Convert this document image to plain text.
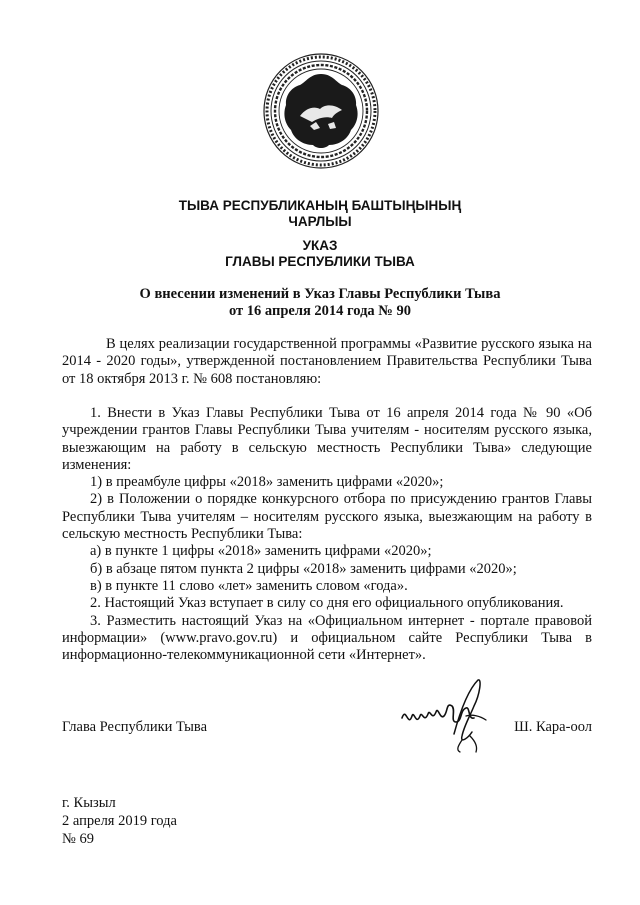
ТЫВА РЕСПУБЛИКАНЫҢ БАШТЫҢЫНЫҢ
ЧАРЛЫЫ
УКАЗ
ГЛАВЫ РЕСПУБЛИКИ ТЫВА
О внесении изменений в Указ Главы Республики Тыва
от 16 апреля 2014 года № 90

В целях реализации государственной программы «Развитие русского языка на 2014 - 2020 годы», утвержденной постановлением Правительства Республики Тыва от 18 октября 2013 г. № 608 постановляю:

1. Внести в Указ Главы Республики Тыва от 16 апреля 2014 года № 90 «Об учреждении грантов Главы Республики Тыва учителям - носителям русского языка, выезжающим на работу в сельскую местность Республики Тыва» следующие изменения:

1) в преамбуле цифры «2018» заменить цифрами «2020»;

2) в Положении о порядке конкурсного отбора по присуждению грантов Главы Республики Тыва учителям – носителям русского языка, выезжающим на работу в сельскую местность Республики Тыва:

а) в пункте 1 цифры «2018» заменить цифрами «2020»;

б) в абзаце пятом пункта 2 цифры «2018» заменить цифрами «2020»;

в) в пункте 11 слово «лет» заменить словом «года».

2. Настоящий Указ вступает в силу со дня его официального опубликования.

3. Разместить настоящий Указ на «Официальном интернет - портале правовой информации» (www.pravo.gov.ru) и официальном сайте Республики Тыва в информационно-телекоммуникационной сети «Интернет».

Глава Республики Тыва	Ш. Кара-оол
г. Кызыл
2 апреля 2019 года
№ 69
